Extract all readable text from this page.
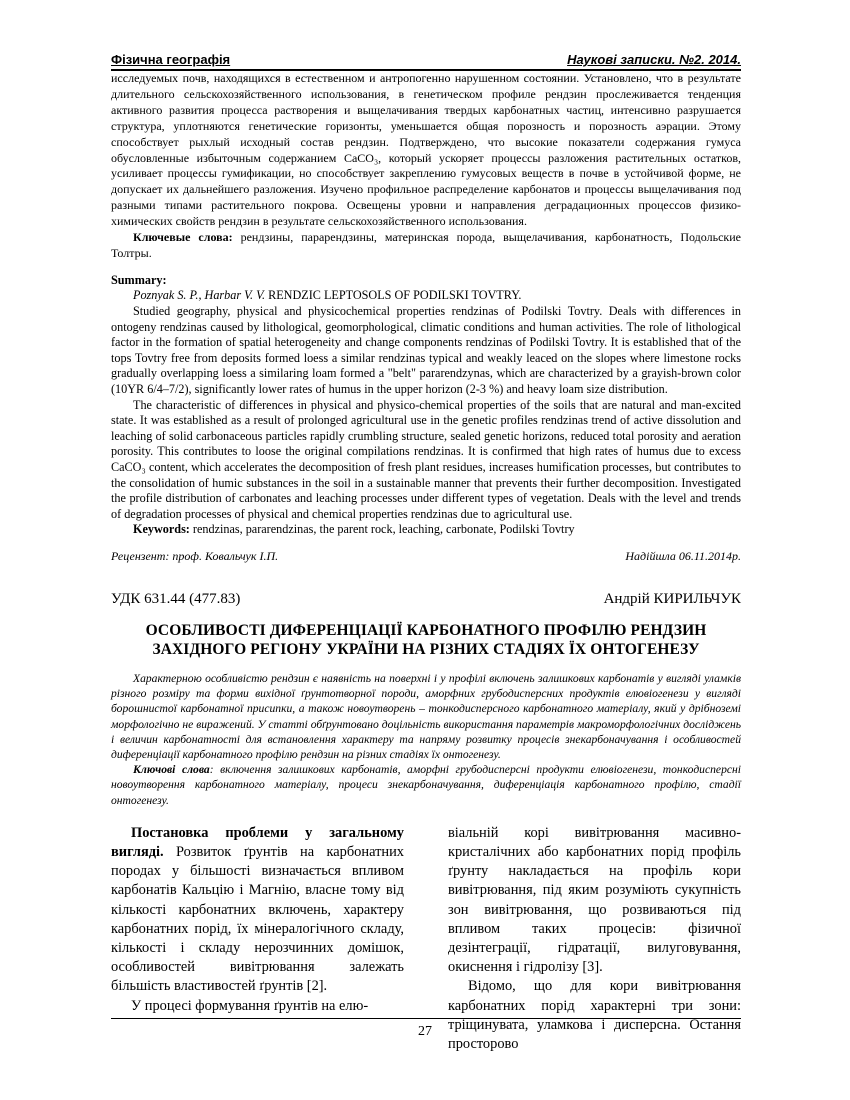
Фізична географія	Наукові записки. №2. 2014.

исследуемых почв, находящихся в естественном и антропогенно нарушенном состоянии. Установлено, что в результате длительного сельскохозяйственного использования, в генетическом профиле рендзин прослеживается тенденция активного развития процесса растворения и выщелачивания твердых карбонатных частиц, интенсивно разрушается структура, уплотняются генетические горизонты, уменьшается общая порозность и порозность аэрации. Этому способствует рыхлый исходный состав рендзин. Подтверждено, что высокие показатели содержания гумуса обусловленные избыточным содержанием CaCO₃, который ускоряет процессы разложения растительных остатков, усиливает процессы гумификации, но способствует закреплению гумусовых веществ в почве в устойчивой форме, не допускает их дальнейшего разложения. Изучено профильное распределение карбонатов и процессы выщелачивания под разными типами растительного покрова. Освещены уровни и направления деградационных процессов физико-химических свойств рендзин в результате сельскохозяйственного использования.

Ключевые слова: рендзины, парарендзины, материнская порода, выщелачивания, карбонатность, Подольские Толтры.

Summary:

Poznyak S. P., Harbar V. V. RENDZIC LEPTOSOLS OF PODILSKI TOVTRY.

Studied geography, physical and physicochemical properties rendzinas of Podilski Tovtry. Deals with differences in ontogeny rendzinas caused by lithological, geomorphological, climatic conditions and human activities. The role of lithological factor in the formation of spatial heterogeneity and change components rendzinas of Podilski Tovtry. It is established that of the tops Tovtry free from deposits formed loess a similar rendzinas typical and weakly leaced on the slopes where limestone rocks gradually overlapping loess a similaring loam formed a "belt" pararendzynas, which are characterized by a grayish-brown color (10YR 6/4–7/2), significantly lower rates of humus in the upper horizon (2-3 %) and heavy loam size distribution.

The characteristic of differences in physical and physico-chemical properties of the soils that are natural and man-excited state. It was established as a result of prolonged agricultural use in the genetic profiles rendzinas trend of active dissolution and leaching of solid carbonaceous particles rapidly crumbling structure, sealed genetic horizons, reduced total porosity and aeration porosity. This contributes to loose the original compilations rendzinas. It is confirmed that high rates of humus due to excess CaCO₃ content, which accelerates the decomposition of fresh plant residues, increases humification processes, but contributes to the consolidation of humic substances in the soil in a sustainable manner that prevents their further decomposition. Investigated the profile distribution of carbonates and leaching processes under different types of vegetation. Deals with the level and trends of degradation processes of physical and chemical properties rendzinas due to agricultural use.

Keywords: rendzinas, pararendzinas, the parent rock, leaching, carbonate, Podilski Tovtry

Рецензент: проф. Ковальчук І.П.	Надійшла 06.11.2014р.
УДК 631.44 (477.83)	Андрій КИРИЛЬЧУК
ОСОБЛИВОСТІ ДИФЕРЕНЦІАЦІЇ КАРБОНАТНОГО ПРОФІЛЮ РЕНДЗИН
ЗАХІДНОГО РЕГІОНУ УКРАЇНИ НА РІЗНИХ СТАДІЯХ ЇХ ОНТОГЕНЕЗУ

Характерною особливістю рендзин є наявність на поверхні і у профілі включень залишкових карбонатів у вигляді уламків різного розміру та форми вихідної ґрунтотворної породи, аморфних грубодисперсних продуктів елювіогенези у вигляді борошнистої карбонатної присипки, а також новоутворень – тонкодисперсного карбонатного матеріалу, який у дрібноземі морфологічно не виражений. У статті обґрунтовано доцільність використання параметрів макроморфологічних досліджень і величин карбонатності для встановлення характеру та напряму розвитку процесів знекарбоначування і особливостей диференціації карбонатного профілю рендзин на різних стадіях їх онтогенезу.

Ключові слова: включення залишкових карбонатів, аморфні грубодисперсні продукти елювіогенези, тонкодисперсні новоутворення карбонатного матеріалу, процеси знекарбоначування, диференціація карбонатного профілю, стадії онтогенезу.

Постановка проблеми у загальному вигляді. Розвиток ґрунтів на карбонатних породах у більшості визначається впливом карбонатів Кальцію і Магнію, власне тому від кількості карбонатних включень, характеру карбонатних порід, їх мінералогічного складу, кількості і складу нерозчинних домішок, особливостей вивітрювання залежать більшість властивостей ґрунтів [2].

У процесі формування ґрунтів на елю-

віальній корі вивітрювання масивно-кристалічних або карбонатних порід профіль ґрунту накладається на профіль кори вивітрювання, під яким розуміють сукупність зон вивітрювання, що розвиваються під впливом таких процесів: фізичної дезінтеграції, гідратації, вилуговування, окиснення і гідролізу [3].

Відомо, що для кори вивітрювання карбонатних порід характерні три зони: тріщинувата, уламкова і дисперсна. Остання просторово

27
